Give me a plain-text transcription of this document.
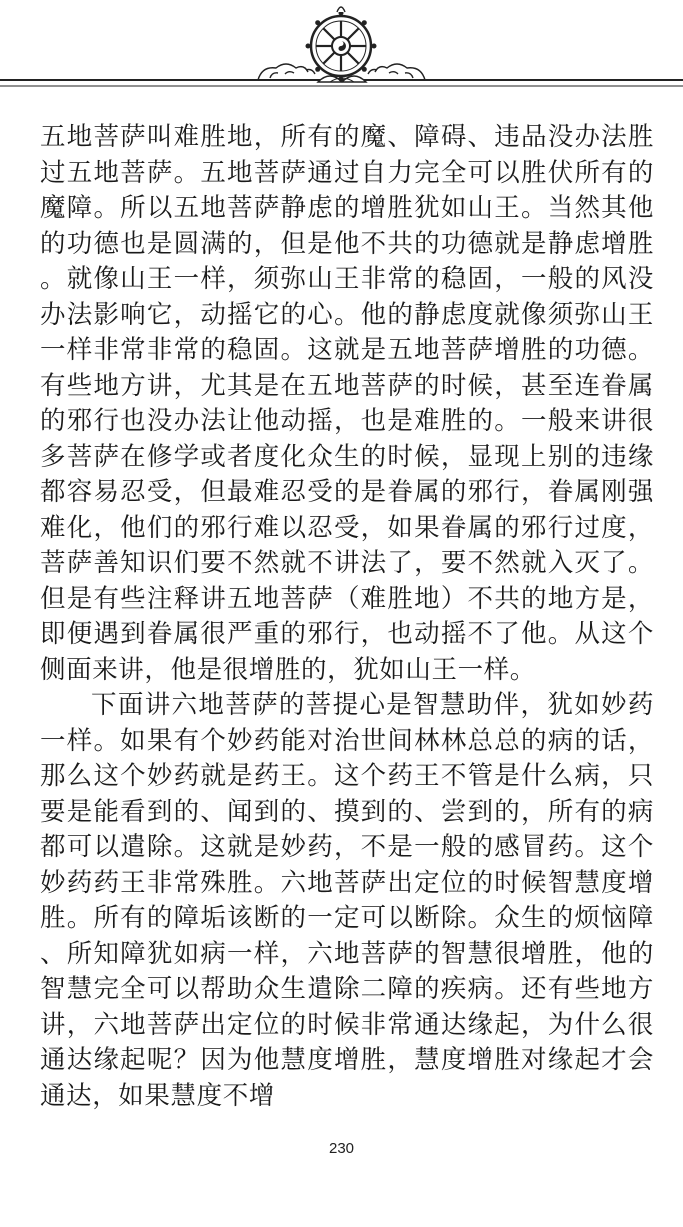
五地菩萨叫难胜地，所有的魔、障碍、违品没办法胜过五地菩萨。五地菩萨通过自力完全可以胜伏所有的魔障。所以五地菩萨静虑的增胜犹如山王。当然其他的功德也是圆满的，但是他不共的功德就是静虑增胜。就像山王一样，须弥山王非常的稳固，一般的风没办法影响它，动摇它的心。他的静虑度就像须弥山王一样非常非常的稳固。这就是五地菩萨增胜的功德。有些地方讲，尤其是在五地菩萨的时候，甚至连眷属的邪行也没办法让他动摇，也是难胜的。一般来讲很多菩萨在修学或者度化众生的时候，显现上别的违缘都容易忍受，但最难忍受的是眷属的邪行，眷属刚强难化，他们的邪行难以忍受，如果眷属的邪行过度，菩萨善知识们要不然就不讲法了，要不然就入灭了。但是有些注释讲五地菩萨（难胜地）不共的地方是，即便遇到眷属很严重的邪行，也动摇不了他。从这个侧面来讲，他是很增胜的，犹如山王一样。

下面讲六地菩萨的菩提心是智慧助伴，犹如妙药一样。如果有个妙药能对治世间林林总总的病的话，那么这个妙药就是药王。这个药王不管是什么病，只要是能看到的、闻到的、摸到的、尝到的，所有的病都可以遣除。这就是妙药，不是一般的感冒药。这个妙药药王非常殊胜。六地菩萨出定位的时候智慧度增胜。所有的障垢该断的一定可以断除。众生的烦恼障、所知障犹如病一样，六地菩萨的智慧很增胜，他的智慧完全可以帮助众生遣除二障的疾病。还有些地方讲，六地菩萨出定位的时候非常通达缘起，为什么很通达缘起呢？因为他慧度增胜，慧度增胜对缘起才会通达，如果慧度不增

230
